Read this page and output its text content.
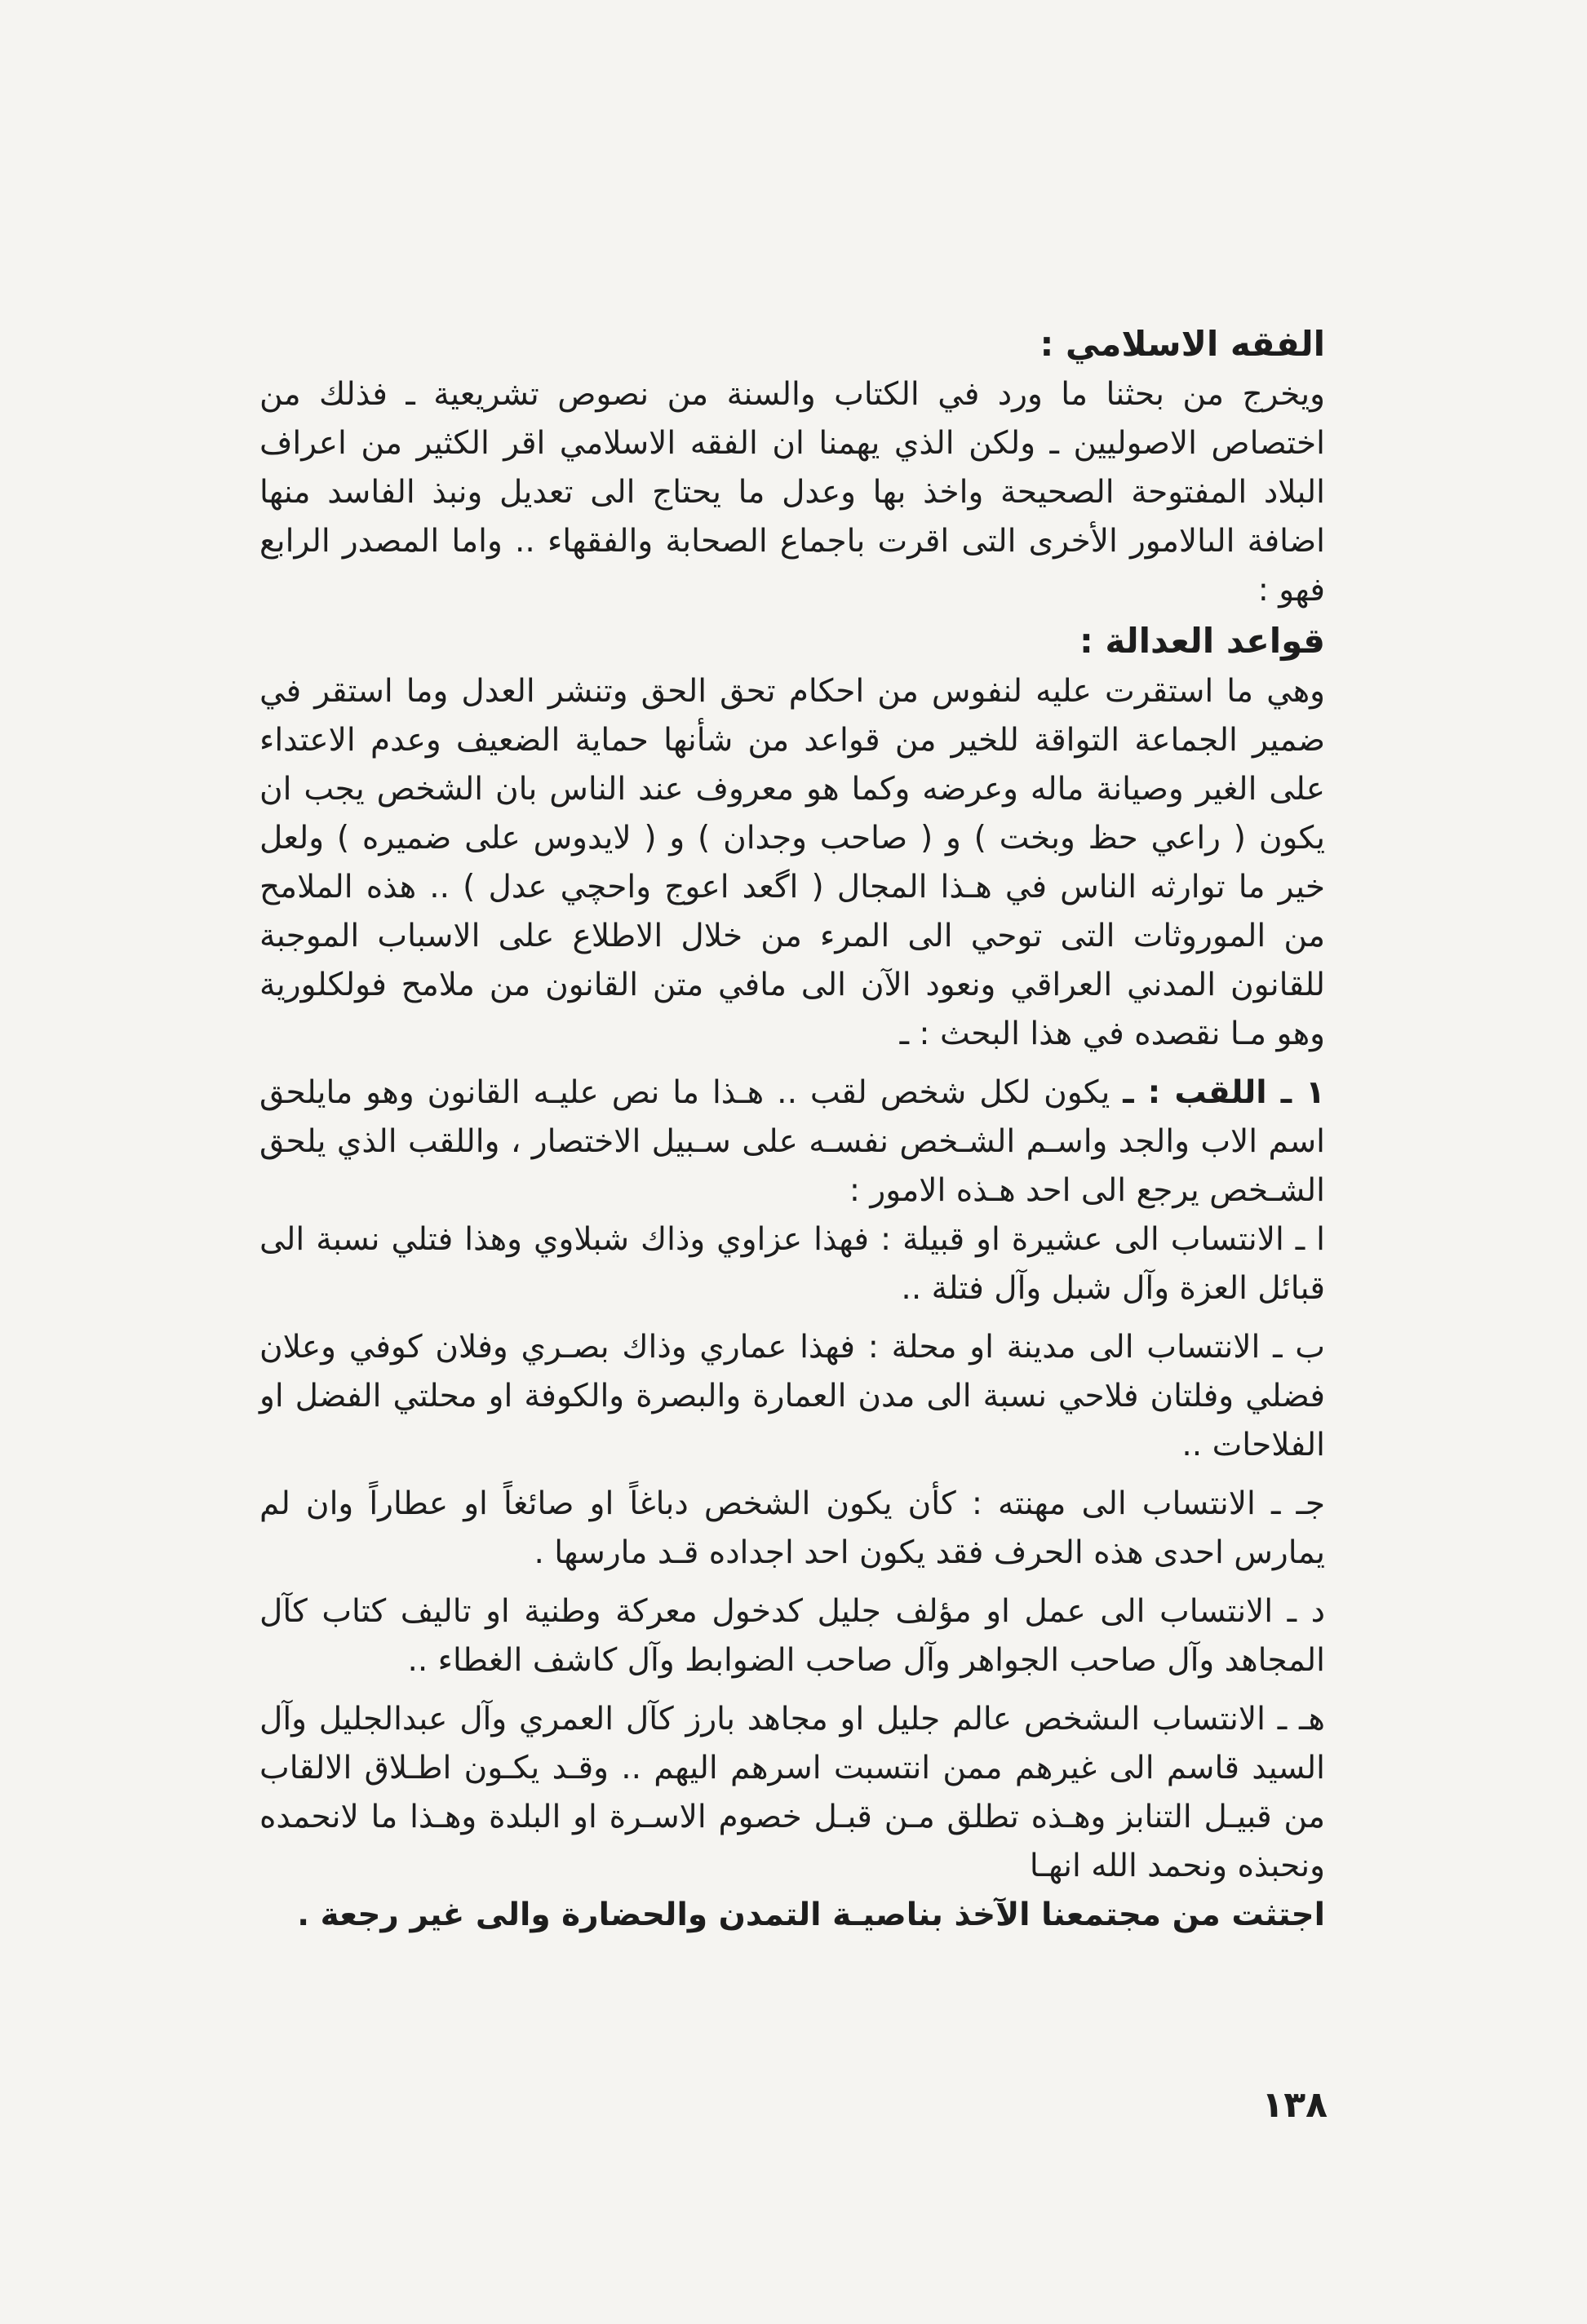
الفقه الاسلامي :

ويخرج من بحثنا ما ورد في الكتاب والسنة من نصوص تشريعية ـ فذلك من اختصاص الاصوليين ـ ولكن الذي يهمنا ان الفقه الاسلامي اقر الكثير من اعراف البلاد المفتوحة الصحيحة واخذ بها وعدل ما يحتاج الى تعديل ونبذ الفاسد منها اضافة الىالامور الأخرى التى اقرت باجماع الصحابة والفقهاء .. واما المصدر الرابع فهو :

قواعد العدالة :

وهي ما استقرت عليه لنفوس من احكام تحق الحق وتنشر العدل وما استقر في ضمير الجماعة التواقة للخير من قواعد من شأنها حماية الضعيف وعدم الاعتداء على الغير وصيانة ماله وعرضه وكما هو معروف عند الناس بان الشخص يجب ان يكون ( راعي حظ وبخت ) و ( صاحب وجدان ) و ( لايدوس على ضميره ) ولعل خير ما توارثه الناس في هـذا المجال ( اگعد اعوج واحچي عدل ) .. هذه الملامح من الموروثات التى توحي الى المرء من خلال الاطلاع على الاسباب الموجبة للقانون المدني العراقي ونعود الآن الى مافي متن القانون من ملامح فولكلورية وهو مـا نقصده في هذا البحث : ـ

١ ـ اللقب : ـ يكون لكل شخص لقب .. هـذا ما نص عليـه القانون وهو مايلحق اسم الاب والجد واسـم الشـخص نفسـه على سـبيل الاختصار ، واللقب الذي يلحق الشـخص يرجع الى احد هـذه الامور :

ا ـ الانتساب الى عشيرة او قبيلة : فهذا عزاوي وذاك شبلاوي وهذا فتلي نسبة الى قبائل العزة وآل شبل وآل فتلة ..

ب ـ الانتساب الى مدينة او محلة : فهذا عماري وذاك بصـري وفلان كوفي وعلان فضلي وفلتان فلاحي نسبة الى مدن العمارة والبصرة والكوفة او محلتي الفضل او الفلاحات ..

جـ ـ الانتساب الى مهنته : كأن يكون الشخص دباغاً او صائغاً او عطاراً وان لم يمارس احدى هذه الحرف فقد يكون احد اجداده قـد مارسها .

د ـ الانتساب الى عمل او مؤلف جليل كدخول معركة وطنية او تاليف كتاب كآل المجاهد وآل صاحب الجواهر وآل صاحب الضوابط وآل كاشف الغطاء ..

هـ ـ الانتساب الىشخص عالم جليل او مجاهد بارز كآل العمري وآل عبدالجليل وآل السيد قاسم الى غيرهم ممن انتسبت اسرهم اليهم .. وقـد يكـون اطـلاق الالقاب من قبيـل التنابز وهـذه تطلق مـن قبـل خصوم الاسـرة او البلدة وهـذا ما لانحمده ونحبذه ونحمد الله انهـا

اجتثت من مجتمعنا الآخذ بناصيـة التمدن والحضارة والى غير رجعة .

١٣٨
